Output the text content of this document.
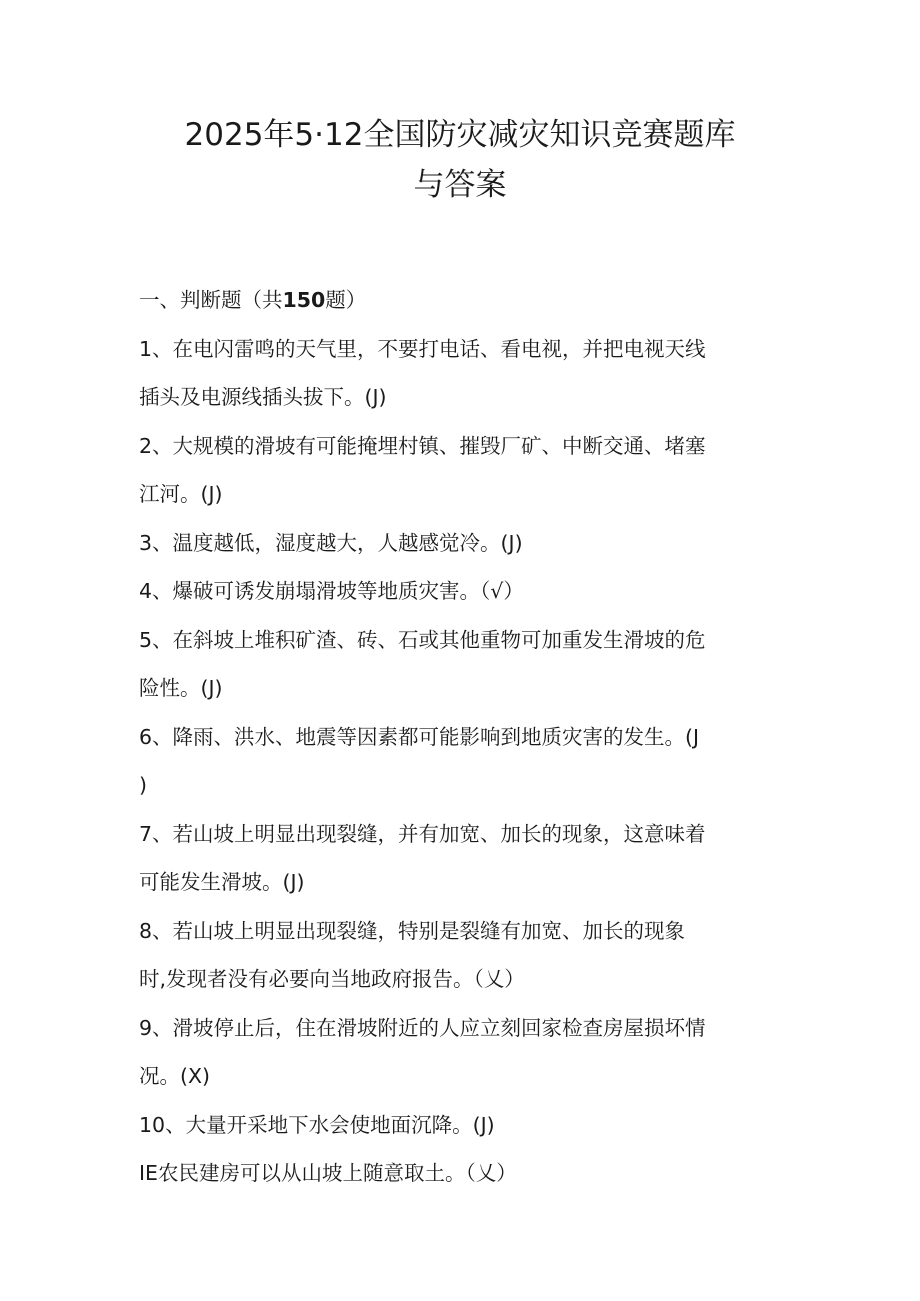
2025年5·12全国防灾减灾知识竞赛题库
与答案
一、判断题（共150题）
1、在电闪雷鸣的天气里，不要打电话、看电视，并把电视天线
插头及电源线插头拔下。(J)
2、大规模的滑坡有可能掩埋村镇、摧毁厂矿、中断交通、堵塞
江河。(J)
3、温度越低，湿度越大，人越感觉冷。(J)
4、爆破可诱发崩塌滑坡等地质灾害。（√）
5、在斜坡上堆积矿渣、砖、石或其他重物可加重发生滑坡的危
险性。(J)
6、降雨、洪水、地震等因素都可能影响到地质灾害的发生。(J
)
7、若山坡上明显出现裂缝，并有加宽、加长的现象，这意味着
可能发生滑坡。(J)
8、若山坡上明显出现裂缝，特别是裂缝有加宽、加长的现象
时,发现者没有必要向当地政府报告。（乂）
9、滑坡停止后，住在滑坡附近的人应立刻回家检查房屋损坏情
况。(X)
10、大量开采地下水会使地面沉降。(J)
IE农民建房可以从山坡上随意取土。（乂）
